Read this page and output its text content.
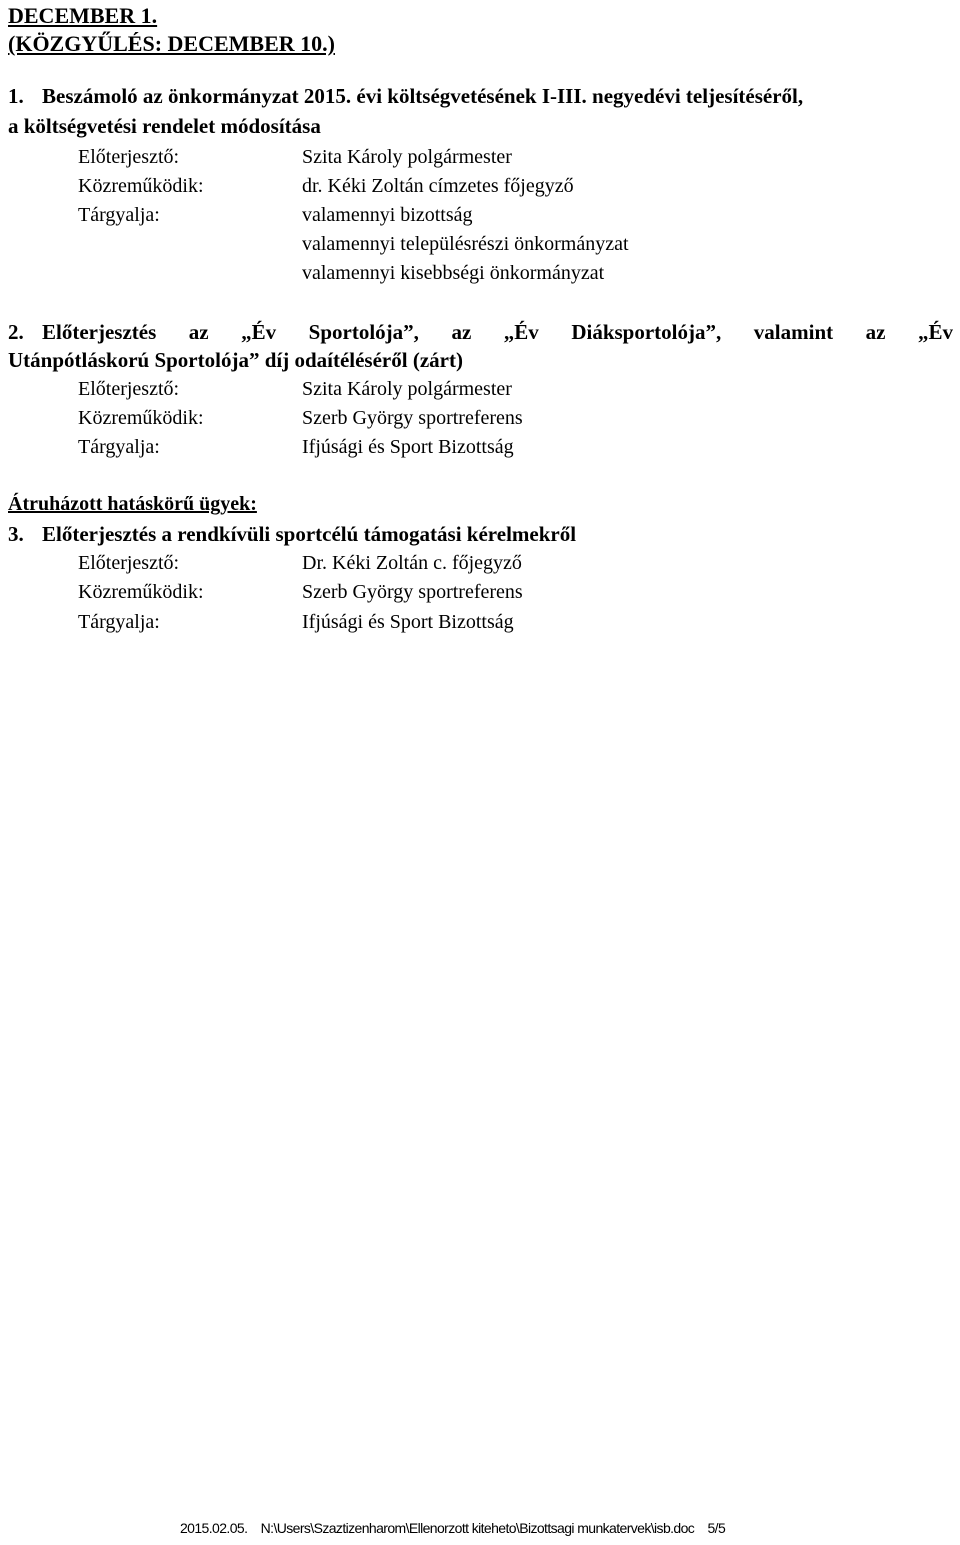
DECEMBER 1.
(KÖZGYŰLÉS: DECEMBER 10.)
1. Beszámoló az önkormányzat 2015. évi költségvetésének I-III. negyedévi teljesítéséről,
a költségvetési rendelet módosítása
Előterjesztő:	Szita Károly polgármester
Közreműködik:	dr. Kéki Zoltán címzetes főjegyző
Tárgyalja:	valamennyi bizottság
valamennyi településrészi önkormányzat
valamennyi kisebbségi önkormányzat
2. Előterjesztés az „Év Sportolója”, az „Év Diáksportolója”, valamint az „Év
Utánpótláskorú Sportolója” díj odaítéléséről (zárt)
Előterjesztő:	Szita Károly polgármester
Közreműködik:	Szerb György sportreferens
Tárgyalja:	Ifjúsági és Sport Bizottság
Átruházott hatáskörű ügyek:
3. Előterjesztés a rendkívüli sportcélú támogatási kérelmekről
Előterjesztő:	Dr. Kéki Zoltán c. főjegyző
Közreműködik:	Szerb György sportreferens
Tárgyalja:	Ifjúsági és Sport Bizottság
2015.02.05. N:\Users\Szaztizenharom\Ellenorzott kiteheto\Bizottsagi munkatervek\isb.doc 5/5
